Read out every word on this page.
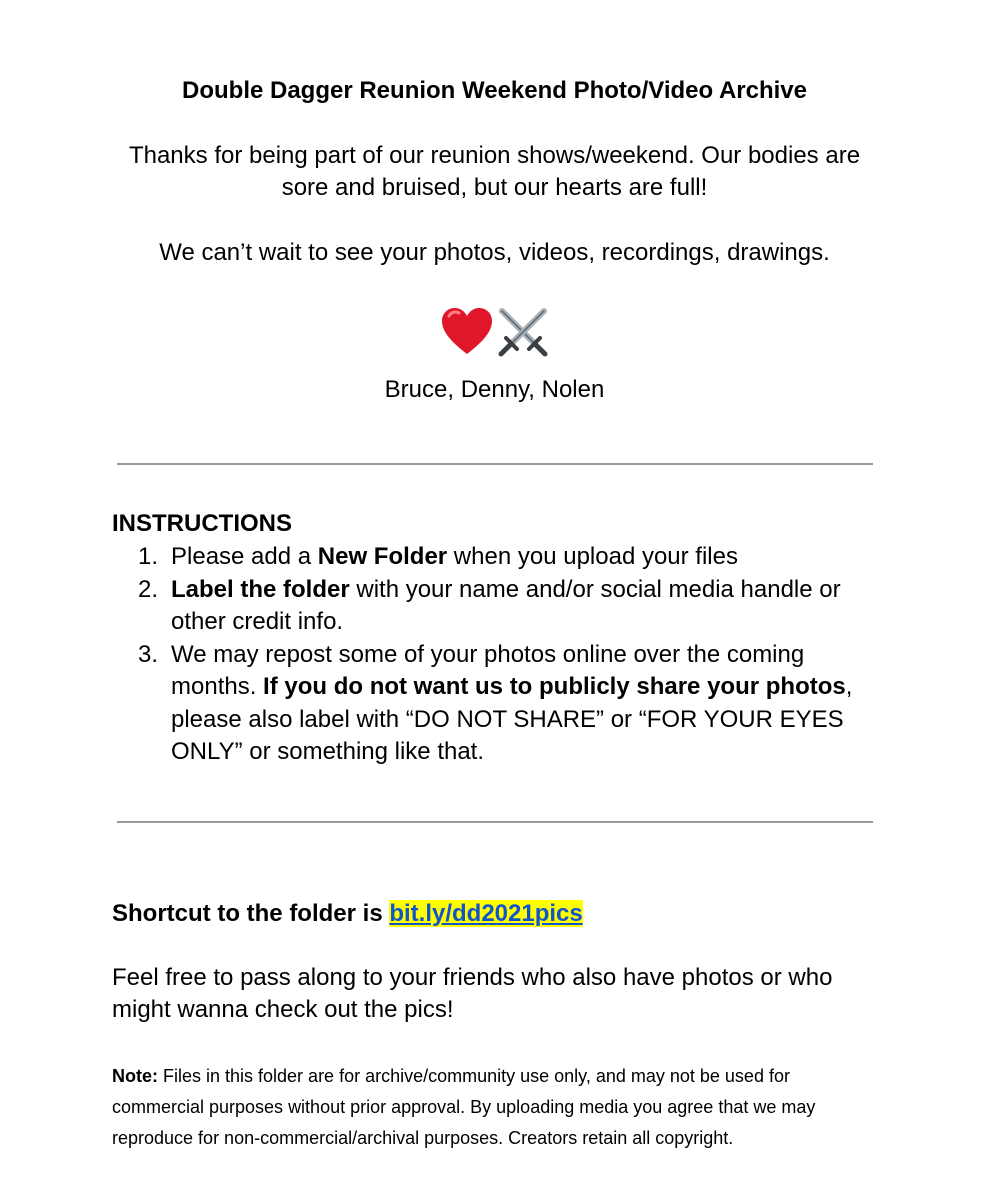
Double Dagger Reunion Weekend Photo/Video Archive
Thanks for being part of our reunion shows/weekend. Our bodies are sore and bruised, but our hearts are full!
We can’t wait to see your photos, videos, recordings, drawings.
Bruce, Denny, Nolen
INSTRUCTIONS
1. Please add a New Folder when you upload your files
2. Label the folder with your name and/or social media handle or other credit info.
3. We may repost some of your photos online over the coming months. If you do not want us to publicly share your photos, please also label with “DO NOT SHARE” or “FOR YOUR EYES ONLY” or something like that.
Shortcut to the folder is bit.ly/dd2021pics
Feel free to pass along to your friends who also have photos or who might wanna check out the pics!
Note: Files in this folder are for archive/community use only, and may not be used for commercial purposes without prior approval. By uploading media you agree that we may reproduce for non-commercial/archival purposes. Creators retain all copyright.
